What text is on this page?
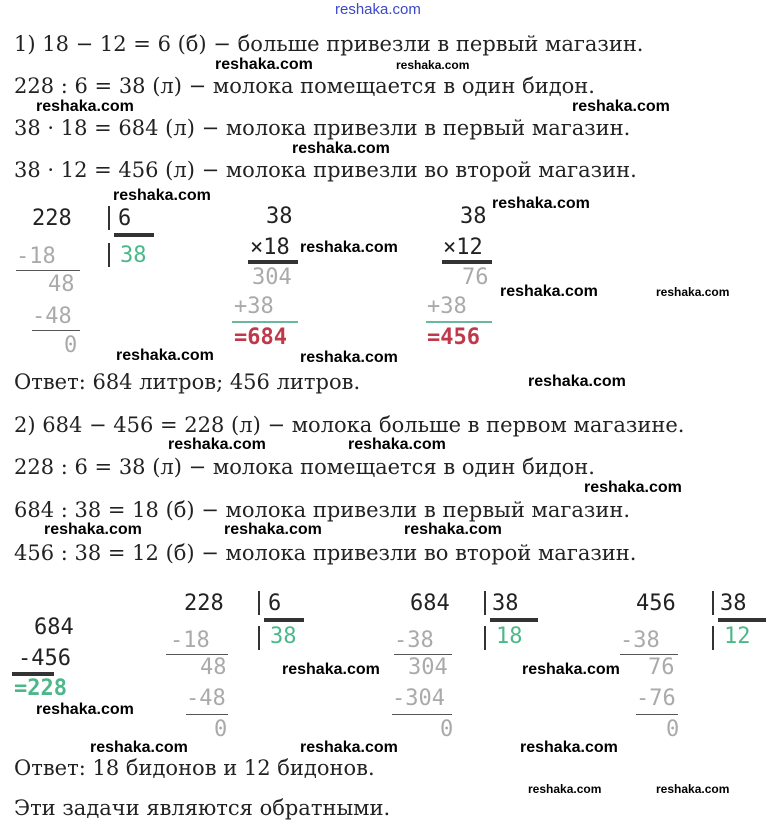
1) 18 − 12 = 6 (б) − больше привезли в первый магазин.
228 : 6 = 38 (л) − молока помещается в один бидон.
38 · 18 = 684 (л) − молока привезли в первый магазин.
38 · 12 = 456 (л) − молока привезли во второй магазин.
Ответ: 684 литров; 456 литров.
2) 684 − 456 = 228 (л) − молока больше в первом магазине.
228 : 6 = 38 (л) − молока помещается в один бидон.
684 : 38 = 18 (б) − молока привезли в первый магазин.
456 : 38 = 12 (б) − молока привезли во второй магазин.
Ответ: 18 бидонов и 12 бидонов.
Эти задачи являются обратными.
228 6
38
-18
48
-48
0
38
×18
304
+38
=684
38
×12
76
+38
=456
684
-456
=228
228 6
38
-18
48
-48
0
684 38
18
-38
304
-304
0
456 38
12
-38
76
-76
0
reshaka.com
reshaka.com	reshaka.com
reshaka.com	reshaka.com
reshaka.com
reshaka.com	reshaka.com
reshaka.com
reshaka.com	reshaka.com
reshaka.com	reshaka.com
reshaka.com
reshaka.com	reshaka.com
reshaka.com
reshaka.com	reshaka.com	reshaka.com
reshaka.com
reshaka.com	reshaka.com
reshaka.com	reshaka.com	reshaka.com
reshaka.com	reshaka.com
